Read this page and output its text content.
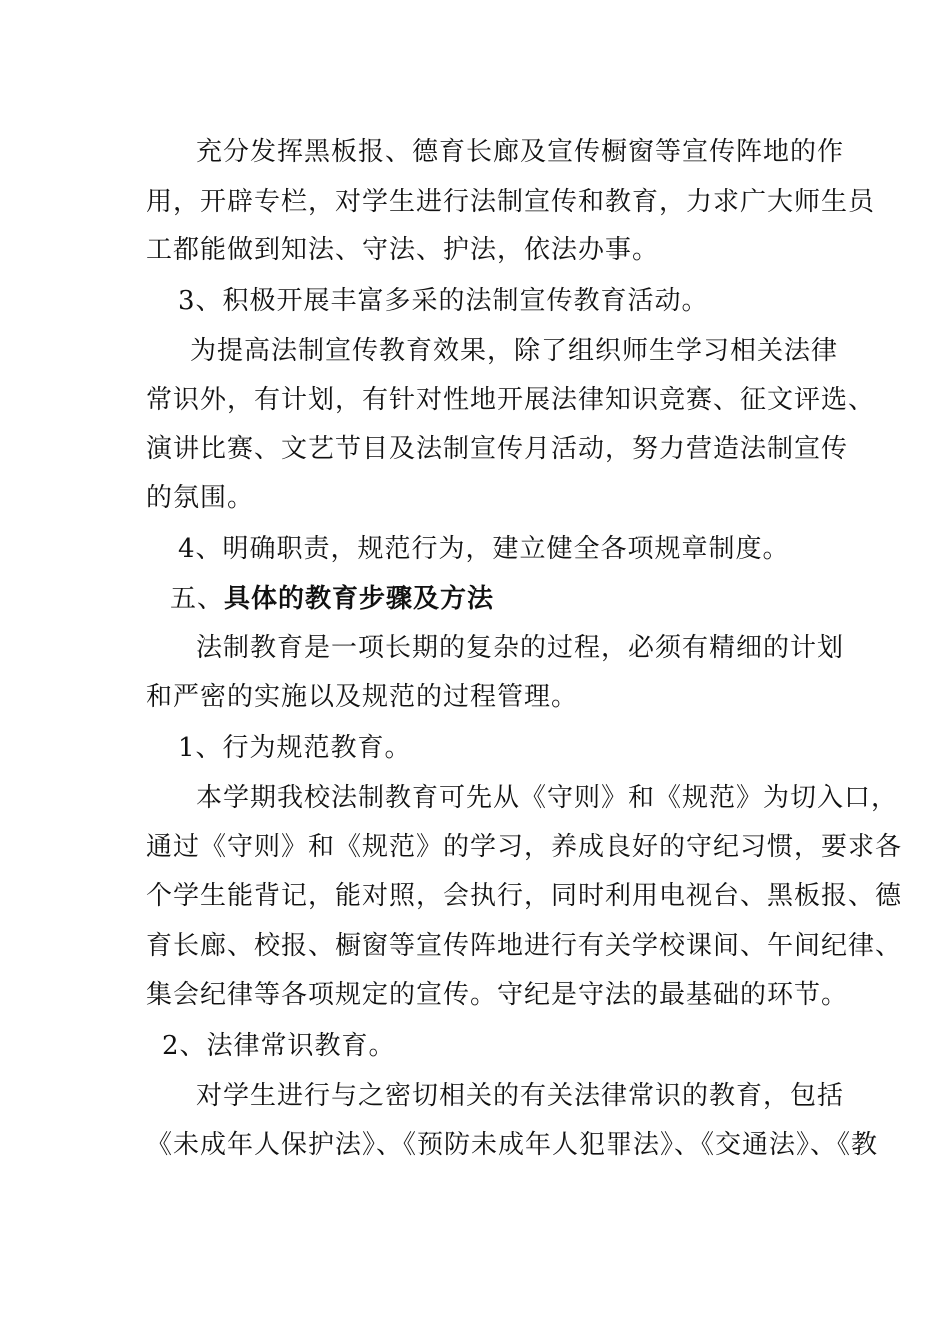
充分发挥黑板报、德育长廊及宣传橱窗等宣传阵地的作
用，开辟专栏，对学生进行法制宣传和教育，力求广大师生员
工都能做到知法、守法、护法，依法办事。
3、积极开展丰富多采的法制宣传教育活动。
为提高法制宣传教育效果，除了组织师生学习相关法律
常识外，有计划，有针对性地开展法律知识竞赛、征文评选、
演讲比赛、文艺节目及法制宣传月活动，努力营造法制宣传
的氛围。
4、明确职责，规范行为，建立健全各项规章制度。
五、具体的教育步骤及方法
法制教育是一项长期的复杂的过程，必须有精细的计划
和严密的实施以及规范的过程管理。
1、行为规范教育。
本学期我校法制教育可先从《守则》和《规范》为切入口，
通过《守则》和《规范》的学习，养成良好的守纪习惯，要求各
个学生能背记，能对照，会执行，同时利用电视台、黑板报、德
育长廊、校报、橱窗等宣传阵地进行有关学校课间、午间纪律、
集会纪律等各项规定的宣传。守纪是守法的最基础的环节。
2、法律常识教育。
对学生进行与之密切相关的有关法律常识的教育，包括
《未成年人保护法》、《预防未成年人犯罪法》、《交通法》、《教
